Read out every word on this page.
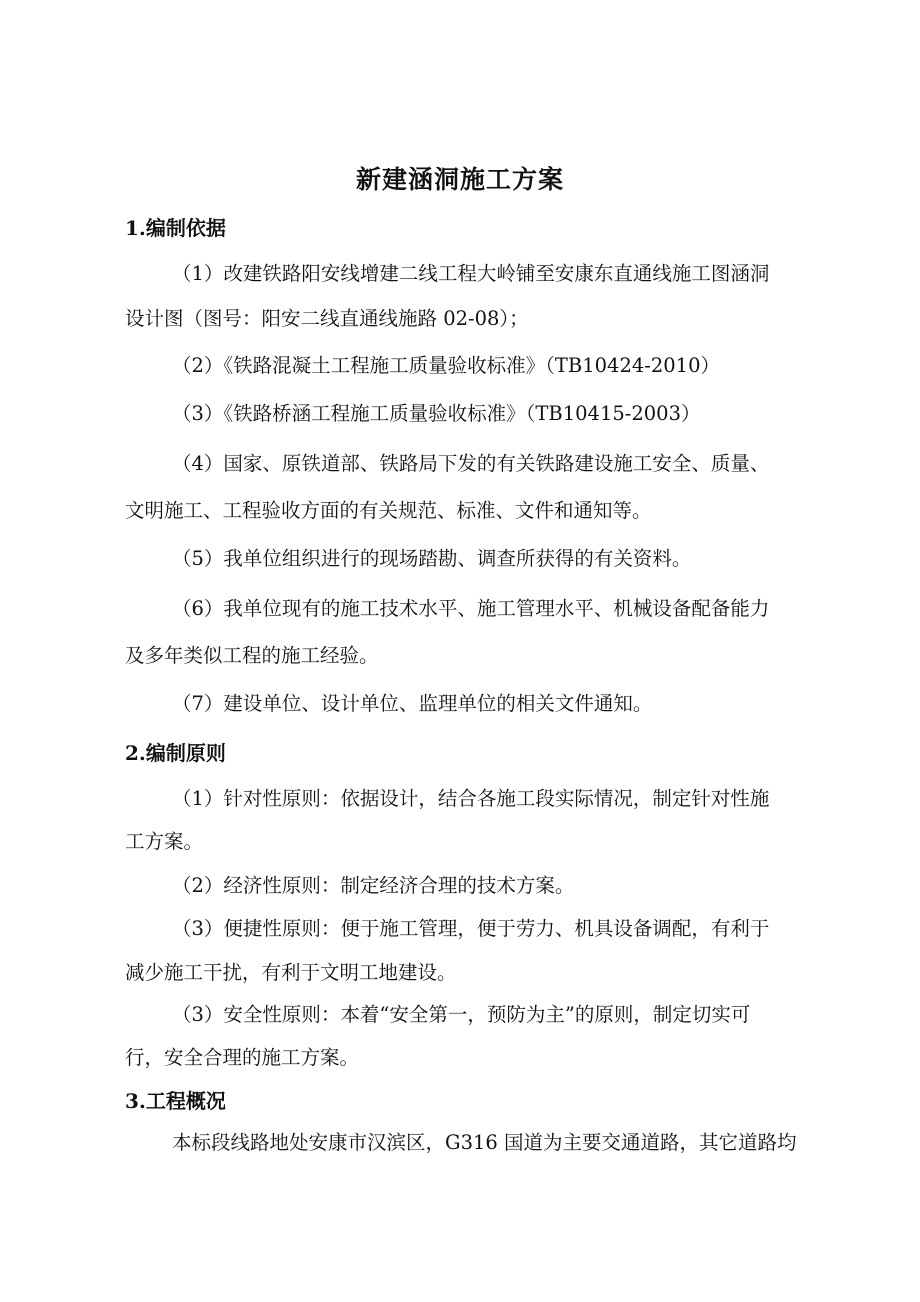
新建涵洞施工方案
1.编制依据
（1）改建铁路阳安线增建二线工程大岭铺至安康东直通线施工图涵洞
设计图（图号：阳安二线直通线施路 02-08）；
（2）《铁路混凝土工程施工质量验收标准》（TB10424-2010）
（3）《铁路桥涵工程施工质量验收标准》（TB10415-2003）
（4）国家、原铁道部、铁路局下发的有关铁路建设施工安全、质量、
文明施工、工程验收方面的有关规范、标准、文件和通知等。
（5）我单位组织进行的现场踏勘、调查所获得的有关资料。
（6）我单位现有的施工技术水平、施工管理水平、机械设备配备能力
及多年类似工程的施工经验。
（7）建设单位、设计单位、监理单位的相关文件通知。
2.编制原则
（1）针对性原则：依据设计，结合各施工段实际情况，制定针对性施
工方案。
（2）经济性原则：制定经济合理的技术方案。
（3）便捷性原则：便于施工管理，便于劳力、机具设备调配，有利于
减少施工干扰，有利于文明工地建设。
（3）安全性原则：本着“安全第一，预防为主”的原则，制定切实可
行，安全合理的施工方案。
3.工程概况
本标段线路地处安康市汉滨区，G316 国道为主要交通道路，其它道路均
